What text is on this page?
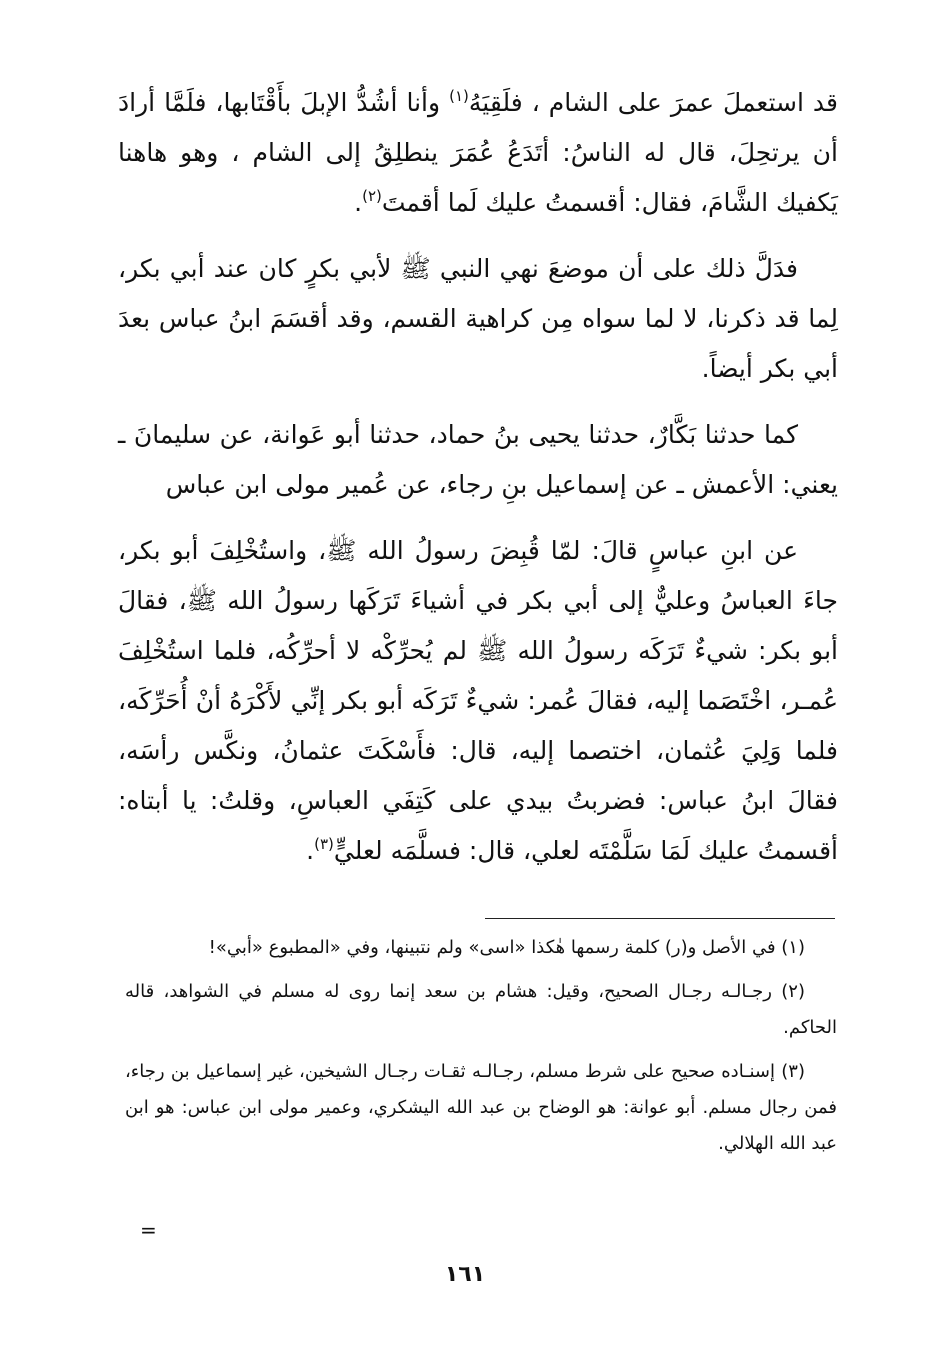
قد استعملَ عمرَ على الشام ، فلَقِيَهُ$^{(١)}$ وأنا أشُدُّ الإبلَ بأَقْتَابها، فلَمَّا أرادَ أن يرتحِلَ، قال له الناسُ: أتَدَعُ عُمَرَ ينطلِقُ إلى الشام ، وهو هاهنا يَكفيك الشَّامَ، فقال: أقسمتُ عليك لَما أقمتَ$^{(٢)}$.

فدَلَّ ذلك على أن موضعَ نهي النبي ﷺ لأبي بكرٍ كان عند أبي بكر، لِما قد ذكرنا، لا لما سواه مِن كراهية القسم، وقد أقسَمَ ابنُ عباس بعدَ أبي بكر أيضاً.

كما حدثنا بَكَّارٌ، حدثنا يحيى بنُ حماد، حدثنا أبو عَوانة، عن سليمانَ ـ يعني: الأعمش ـ عن إسماعيل بنِ رجاء، عن عُمير مولى ابن عباس

عن ابنِ عباسٍ قالَ: لمّا قُبِضَ رسولُ الله ﷺ، واستُخْلِفَ أبو بكر، جاءَ العباسُ وعليٌّ إلى أبي بكر في أشياءَ تَرَكَها رسولُ الله ﷺ، فقالَ أبو بكر: شيءٌ تَرَكَه رسولُ الله ﷺ لم يُحرِّكْه لا أحرِّكُه، فلما استُخْلِفَ عُمـر، اخْتَصَما إليه، فقالَ عُمر: شيءٌ تَرَكَه أبو بكر إنِّي لأَكْرَهُ أنْ أُحَرِّكَه، فلما وَلِيَ عُثمان، اختصما إليه، قال: فأَسْكَتَ عثمانُ، ونكَّس رأسَه، فقالَ ابنُ عباس: فضربتُ بيدي على كَتِفَي العباسِ، وقلتُ: يا أبتاه: أقسمتُ عليك لَمَا سَلَّمْتَه لعلي، قال: فسلَّمَه لعليٍّ$^{(٣)}$.

(١) في الأصل و(ر) كلمة رسمها هٰكذا «اسى» ولم نتبينها، وفي «المطبوع «أبي»!

(٢) رجـالـه رجـال الصحيح، وقيل: هشام بن سعد إنما روى له مسلم في الشواهد، قاله الحاكم.

(٣) إسنـاده صحيح على شرط مسلم، رجـالـه ثقـات رجـال الشيخين، غير إسماعيل بن رجاء، فمن رجال مسلم. أبو عوانة: هو الوضاح بن عبد الله اليشكري، وعمير مولى ابن عباس: هو ابن عبد الله الهلالي.

=
١٦١
